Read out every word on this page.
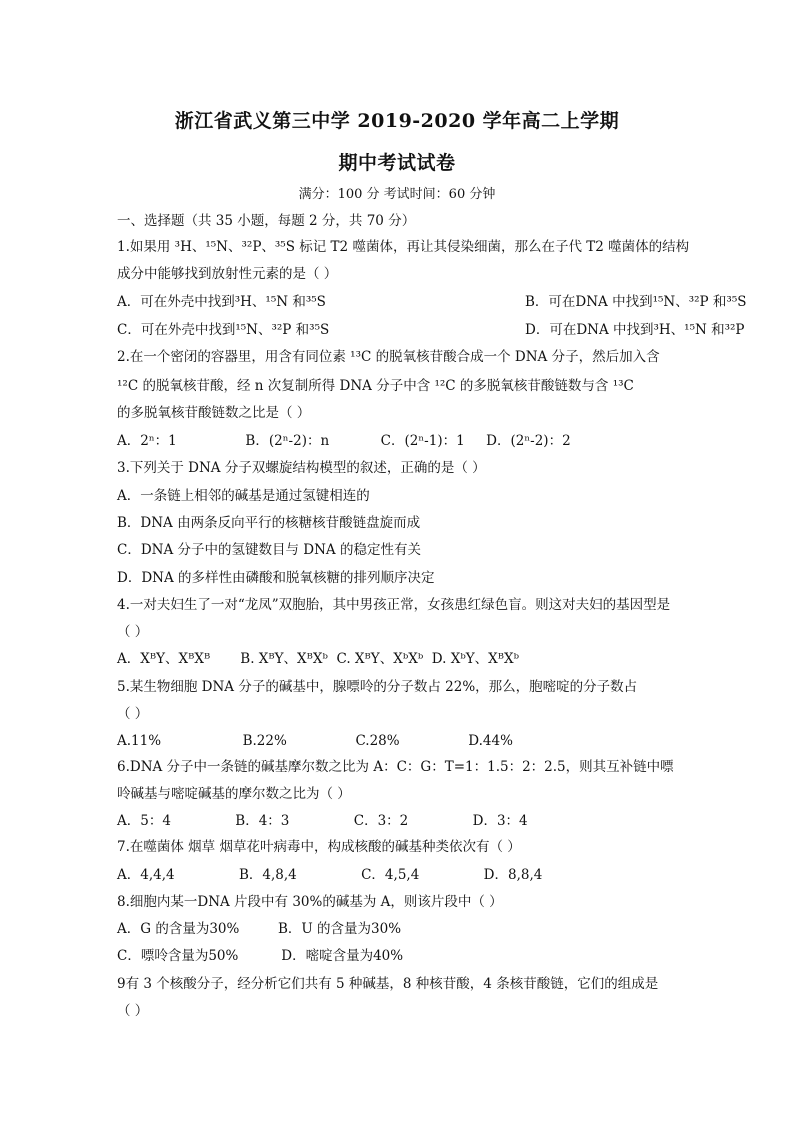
浙江省武义第三中学 2019-2020 学年高二上学期
期中考试试卷
满分：100 分 考试时间：60 分钟
一、选择题（共 35 小题，每题 2 分，共 70 分）
1.如果用 ³H、¹⁵N、³²P、³⁵S 标记 T2 噬菌体，再让其侵染细菌，那么在子代 T2 噬菌体的结构
成分中能够找到放射性元素的是（ ）
A．可在外壳中找到³H、¹⁵N 和³⁵S	B．可在DNA 中找到¹⁵N、³²P 和³⁵S
C．可在外壳中找到¹⁵N、³²P 和³⁵S	D．可在DNA 中找到³H、¹⁵N 和³²P
2.在一个密闭的容器里，用含有同位素 ¹³C 的脱氧核苷酸合成一个 DNA 分子，然后加入含
¹²C 的脱氧核苷酸，经 n 次复制所得 DNA 分子中含 ¹²C 的多脱氧核苷酸链数与含 ¹³C
的多脱氧核苷酸链数之比是（ ）
A．2ⁿ：1                B．(2ⁿ-2)：n            C．(2ⁿ-1)：1     D．(2ⁿ-2)：2
3.下列关于 DNA 分子双螺旋结构模型的叙述，正确的是（ ）
A．一条链上相邻的碱基是通过氢键相连的
B．DNA 由两条反向平行的核糖核苷酸链盘旋而成
C．DNA 分子中的氢键数目与 DNA 的稳定性有关
D．DNA 的多样性由磷酸和脱氧核糖的排列顺序决定
4.一对夫妇生了一对“龙凤”双胞胎，其中男孩正常，女孩患红绿色盲。则这对夫妇的基因型是
（ ）
A．XᴮY、XᴮXᴮ       B. XᴮY、XᴮXᵇ  C. XᴮY、XᵇXᵇ  D. XᵇY、XᴮXᵇ
5.某生物细胞 DNA 分子的碱基中，腺嘌呤的分子数占 22%，那么，胞嘧啶的分子数占
（ ）
A.11%                   B.22%                C.28%                D.44%
6.DNA 分子中一条链的碱基摩尔数之比为 A：C：G：T=1：1.5：2：2.5，则其互补链中嘌
呤碱基与嘧啶碱基的摩尔数之比为（ ）
A．5：4               B．4：3               C．3：2               D．3：4
7.在噬菌体 烟草 烟草花叶病毒中，构成核酸的碱基种类依次有（ ）
A．4,4,4               B．4,8,4               C．4,5,4               D．8,8,4
8.细胞内某一DNA 片段中有 30%的碱基为 A，则该片段中（ ）
A．G 的含量为30%         B．U 的含量为30%
C．嘌呤含量为50%          D．嘧啶含量为40%
9有 3 个核酸分子，经分析它们共有 5 种碱基，8 种核苷酸，4 条核苷酸链，它们的组成是
（ ）
